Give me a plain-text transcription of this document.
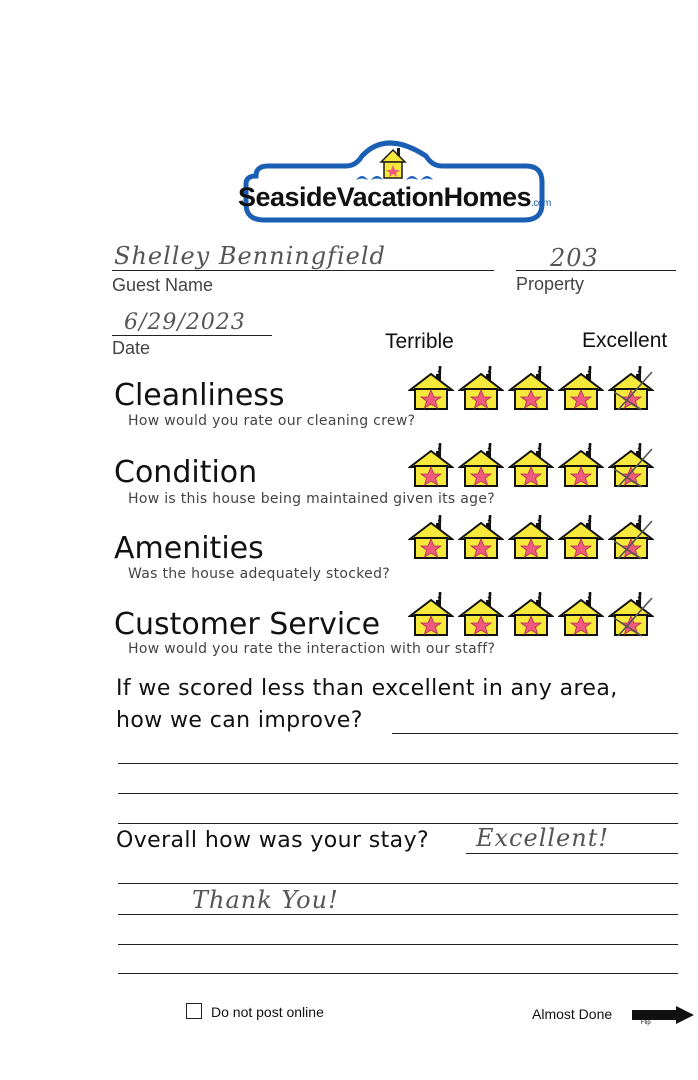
SeasideVacationHomes.com
Shelley Benningfield
Guest Name
203
Property
6/29/2023
Date	Terrible	Excellent
Cleanliness
How would you rate our cleaning crew?
Condition
How is this house being maintained given its age?
Amenities
Was the house adequately stocked?
Customer Service
How would you rate the interaction with our staff?
If we scored less than excellent in any area,
how we can improve?
Overall how was your stay? Excellent!
Thank You!
Do not post online	Almost Done
Flip
